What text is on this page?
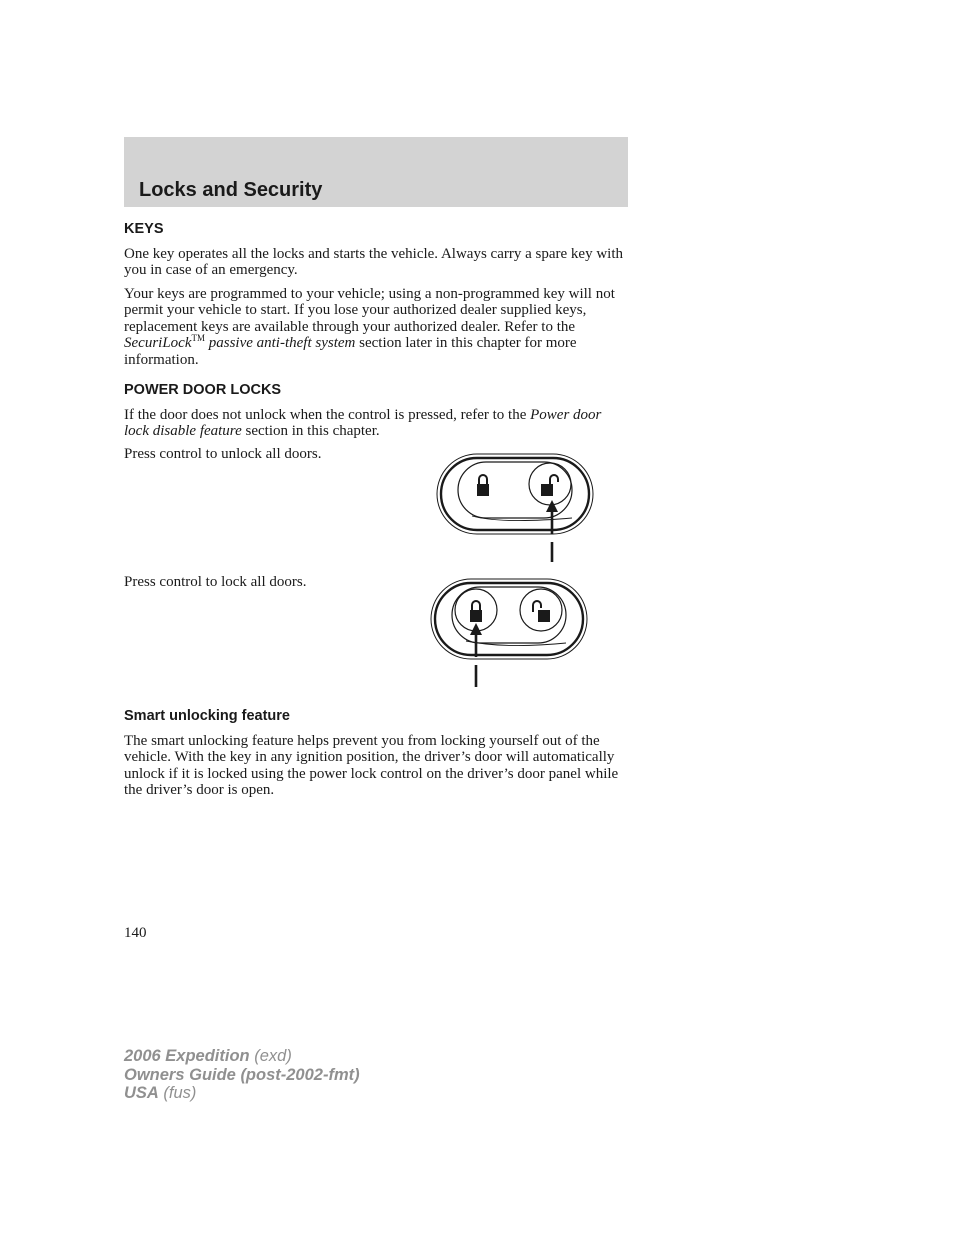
Locks and Security
KEYS

One key operates all the locks and starts the vehicle. Always carry a spare key with you in case of an emergency.

Your keys are programmed to your vehicle; using a non-programmed key will not permit your vehicle to start. If you lose your authorized dealer supplied keys, replacement keys are available through your authorized dealer. Refer to the SecuriLock™ passive anti-theft system section later in this chapter for more information.

POWER DOOR LOCKS

If the door does not unlock when the control is pressed, refer to the Power door lock disable feature section in this chapter.

Press control to unlock all doors.

Press control to lock all doors.

Smart unlocking feature

The smart unlocking feature helps prevent you from locking yourself out of the vehicle. With the key in any ignition position, the driver’s door will automatically unlock if it is locked using the power lock control on the driver’s door panel while the driver’s door is open.

140
2006 Expedition (exd)
Owners Guide (post-2002-fmt)
USA (fus)
